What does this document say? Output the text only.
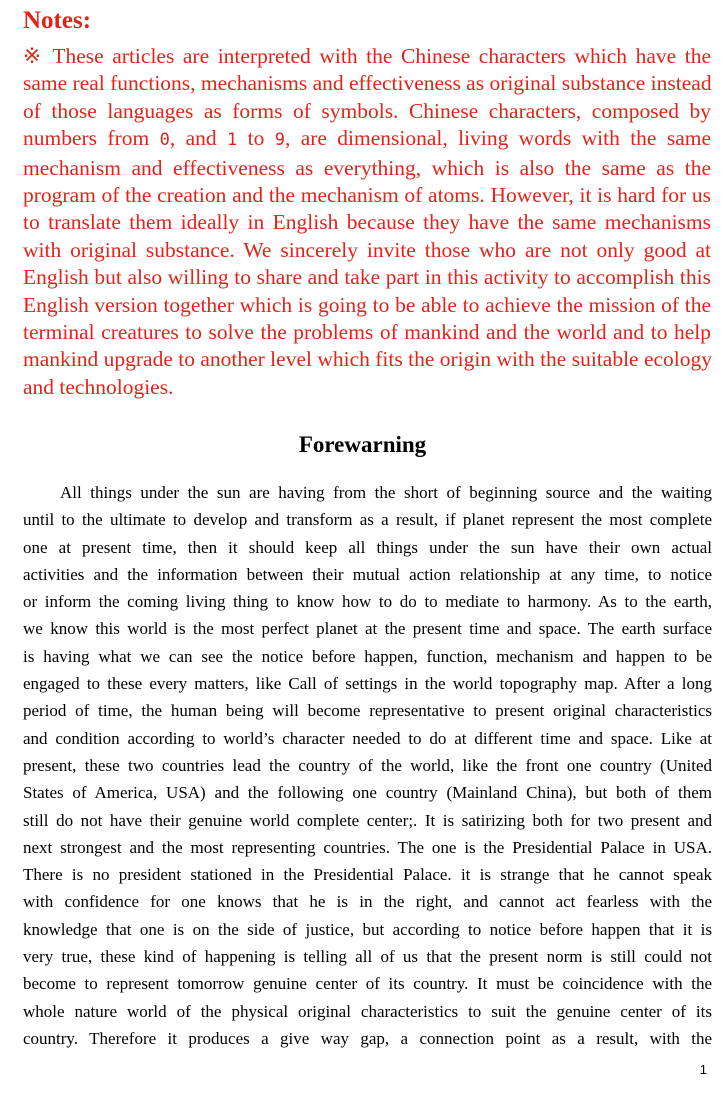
Notes:
※ These articles are interpreted with the Chinese characters which have the
same real functions, mechanisms and effectiveness as original substance instead
of those languages as forms of symbols. Chinese characters, composed by
numbers from 0, and 1 to 9, are dimensional, living words with the same
mechanism and effectiveness as everything, which is also the same as the
program of the creation and the mechanism of atoms. However, it is hard for us
to translate them ideally in English because they have the same mechanisms
with original substance. We sincerely invite those who are not only good at
English but also willing to share and take part in this activity to accomplish this
English version together which is going to be able to achieve the mission of the
terminal creatures to solve the problems of mankind and the world and to help
mankind upgrade to another level which fits the origin with the suitable ecology
and technologies.
Forewarning
All things under the sun are having from the short of beginning source and the waiting
until to the ultimate to develop and transform as a result, if planet represent the most complete
one at present time, then it should keep all things under the sun have their own actual
activities and the information between their mutual action relationship at any time, to notice
or inform the coming living thing to know how to do to mediate to harmony. As to the earth,
we know this world is the most perfect planet at the present time and space. The earth surface
is having what we can see the notice before happen, function, mechanism and happen to be
engaged to these every matters, like Call of settings in the world topography map. After a long
period of time, the human being will become representative to present original characteristics
and condition according to world’s character needed to do at different time and space. Like at
present, these two countries lead the country of the world, like the front one country (United
States of America, USA) and the following one country (Mainland China), but both of them
still do not have their genuine world complete center;. It is satirizing both for two present and
next strongest and the most representing countries. The one is the Presidential Palace in USA.
There is no president stationed in the Presidential Palace. it is strange that he cannot speak
with confidence for one knows that he is in the right, and cannot act fearless with the
knowledge that one is on the side of justice, but according to notice before happen that it is
very true, these kind of happening is telling all of us that the present norm is still could not
become to represent tomorrow genuine center of its country. It must be coincidence with the
whole nature world of the physical original characteristics to suit the genuine center of its
country. Therefore it produces a give way gap, a connection point as a result, with the
1
